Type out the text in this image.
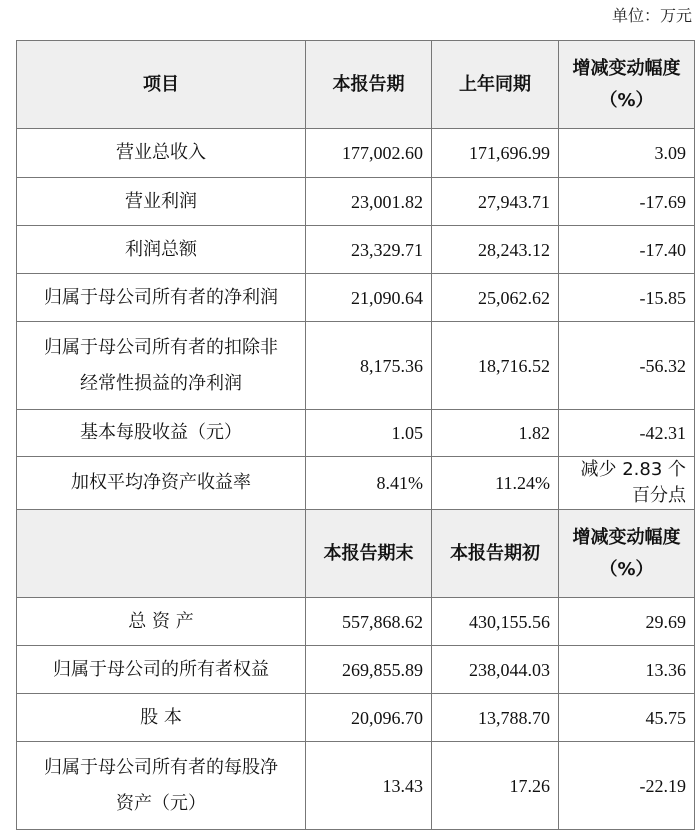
单位：万元
项目	本报告期	上年同期	增减变动幅度
（%）

营业总收入	177,002.60	171,696.99	3.09
营业利润	23,001.82	27,943.71	-17.69
利润总额	23,329.71	28,243.12	-17.40
归属于母公司所有者的净利润	21,090.64	25,062.62	-15.85

归属于母公司所有者的扣除非
经常性损益的净利润	8,175.36	18,716.52	-56.32
基本每股收益（元）	1.05	1.82	-42.31
加权平均净资产收益率	8.41%	11.24%	减少 2.83 个
百分点

	本报告期末	本报告期初	增减变动幅度
（%）

总 资 产	557,868.62	430,155.56	29.69
归属于母公司的所有者权益	269,855.89	238,044.03	13.36
股 本	20,096.70	13,788.70	45.75

归属于母公司所有者的每股净
资产（元）	13.43	17.26	-22.19
